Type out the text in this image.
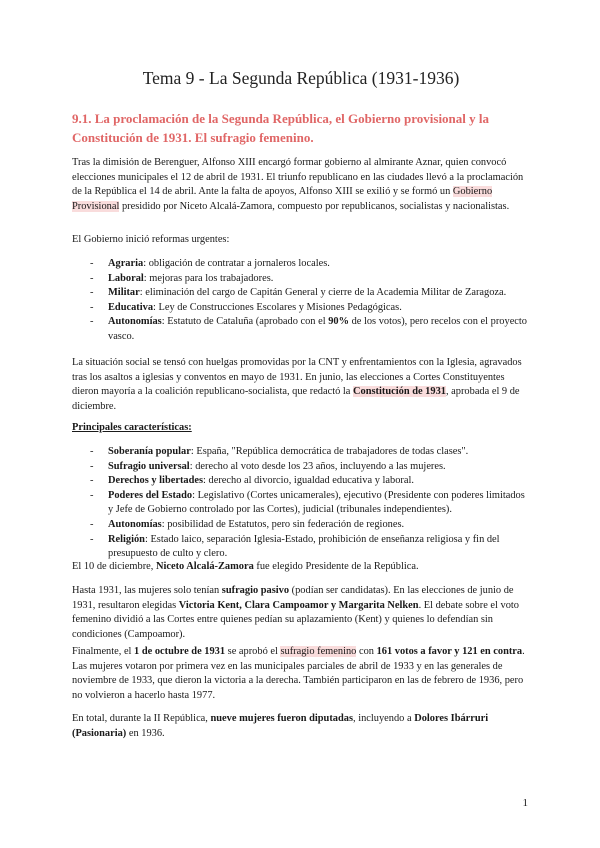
Tema 9 - La Segunda República (1931-1936)
9.1. La proclamación de la Segunda República, el Gobierno provisional y la Constitución de 1931. El sufragio femenino.

Tras la dimisión de Berenguer, Alfonso XIII encargó formar gobierno al almirante Aznar, quien convocó elecciones municipales el 12 de abril de 1931. El triunfo republicano en las ciudades llevó a la proclamación de la República el 14 de abril. Ante la falta de apoyos, Alfonso XIII se exilió y se formó un Gobierno Provisional presidido por Niceto Alcalá-Zamora, compuesto por republicanos, socialistas y nacionalistas.

El Gobierno inició reformas urgentes:

- Agraria: obligación de contratar a jornaleros locales.
- Laboral: mejoras para los trabajadores.
- Militar: eliminación del cargo de Capitán General y cierre de la Academia Militar de Zaragoza.
- Educativa: Ley de Construcciones Escolares y Misiones Pedagógicas.
- Autonomías: Estatuto de Cataluña (aprobado con el 90% de los votos), pero recelos con el proyecto vasco.

La situación social se tensó con huelgas promovidas por la CNT y enfrentamientos con la Iglesia, agravados tras los asaltos a iglesias y conventos en mayo de 1931. En junio, las elecciones a Cortes Constituyentes dieron mayoría a la coalición republicano-socialista, que redactó la Constitución de 1931, aprobada el 9 de diciembre.

Principales características:

- Soberanía popular: España, "República democrática de trabajadores de todas clases".
- Sufragio universal: derecho al voto desde los 23 años, incluyendo a las mujeres.
- Derechos y libertades: derecho al divorcio, igualdad educativa y laboral.
- Poderes del Estado: Legislativo (Cortes unicamerales), ejecutivo (Presidente con poderes limitados y Jefe de Gobierno controlado por las Cortes), judicial (tribunales independientes).
- Autonomías: posibilidad de Estatutos, pero sin federación de regiones.
- Religión: Estado laico, separación Iglesia-Estado, prohibición de enseñanza religiosa y fin del presupuesto de culto y clero.

El 10 de diciembre, Niceto Alcalá-Zamora fue elegido Presidente de la República.

Hasta 1931, las mujeres solo tenían sufragio pasivo (podían ser candidatas). En las elecciones de junio de 1931, resultaron elegidas Victoria Kent, Clara Campoamor y Margarita Nelken. El debate sobre el voto femenino dividió a las Cortes entre quienes pedían su aplazamiento (Kent) y quienes lo defendían sin condiciones (Campoamor).

Finalmente, el 1 de octubre de 1931 se aprobó el sufragio femenino con 161 votos a favor y 121 en contra. Las mujeres votaron por primera vez en las municipales parciales de abril de 1933 y en las generales de noviembre de 1933, que dieron la victoria a la derecha. También participaron en las de febrero de 1936, pero no volvieron a hacerlo hasta 1977.

En total, durante la II República, nueve mujeres fueron diputadas, incluyendo a Dolores Ibárruri (Pasionaria) en 1936.

1
